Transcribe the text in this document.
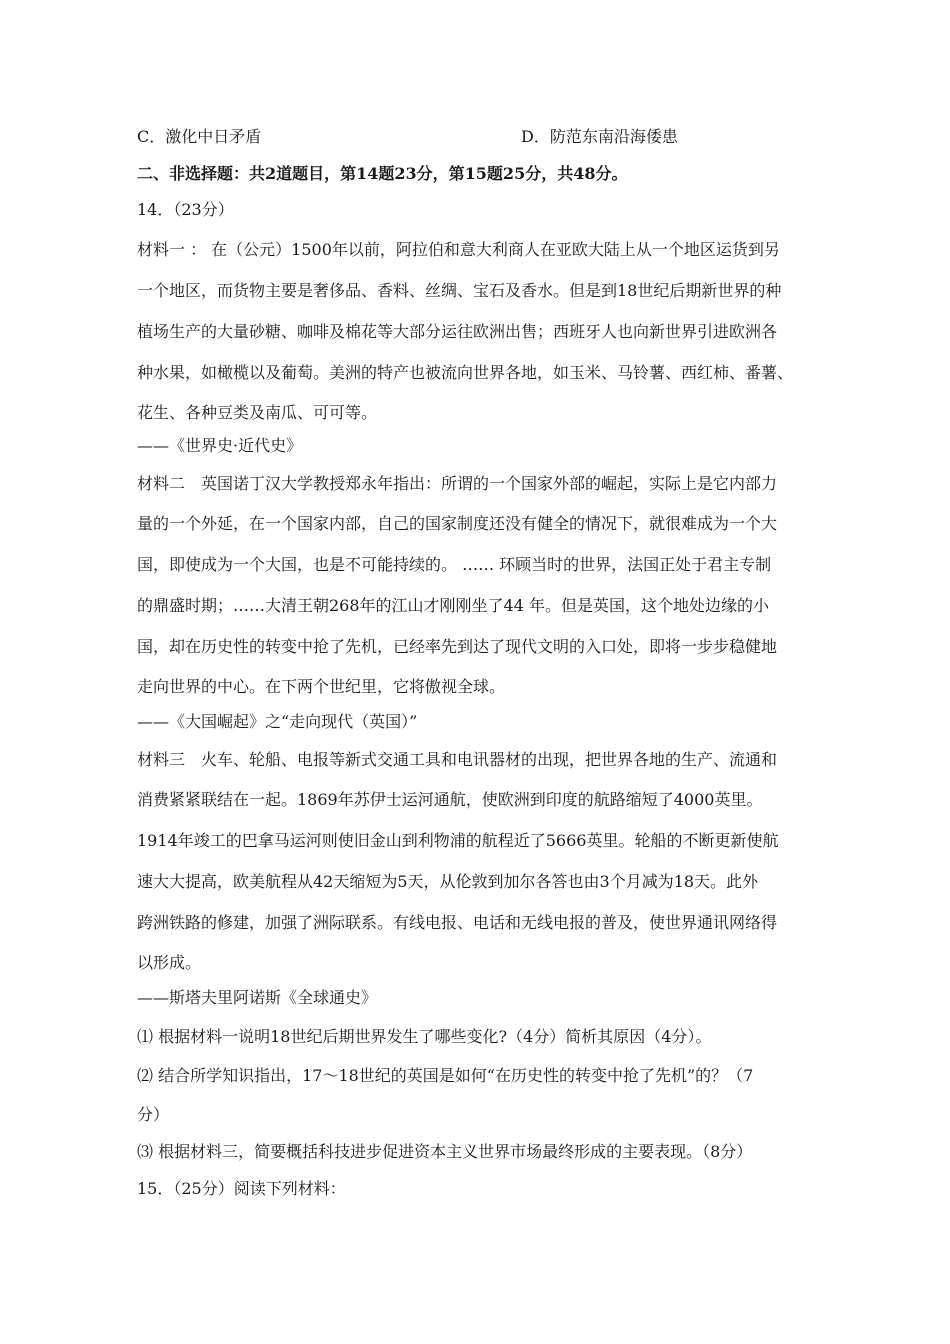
C．激化中日矛盾	D．防范东南沿海倭患
二、非选择题：共2道题目，第14题23分，第15题25分，共48分。
14．（23分）
材料一 ： 在（公元）1500年以前，阿拉伯和意大利商人在亚欧大陆上从一个地区运货到另
一个地区，而货物主要是奢侈品、香料、丝绸、宝石及香水。但是到18世纪后期新世界的种
植场生产的大量砂糖、咖啡及棉花等大部分运往欧洲出售；西班牙人也向新世界引进欧洲各
种水果，如橄榄以及葡萄。美洲的特产也被流向世界各地，如玉米、马铃薯、西红柿、番薯、
花生、各种豆类及南瓜、可可等。
——《世界史·近代史》
材料二　英国诺丁汉大学教授郑永年指出：所谓的一个国家外部的崛起，实际上是它内部力
量的一个外延，在一个国家内部，自己的国家制度还没有健全的情况下，就很难成为一个大
国，即使成为一个大国，也是不可能持续的。 …… 环顾当时的世界，法国正处于君主专制
的鼎盛时期；……大清王朝268年的江山才刚刚坐了44 年。但是英国，这个地处边缘的小
国，却在历史性的转变中抢了先机，已经率先到达了现代文明的入口处，即将一步步稳健地
走向世界的中心。在下两个世纪里，它将傲视全球。
——《大国崛起》之“走向现代（英国）”
材料三　火车、轮船、电报等新式交通工具和电讯器材的出现，把世界各地的生产、流通和
消费紧紧联结在一起。1869年苏伊士运河通航，使欧洲到印度的航路缩短了4000英里。
1914年竣工的巴拿马运河则使旧金山到利物浦的航程近了5666英里。轮船的不断更新使航
速大大提高，欧美航程从42天缩短为5天，从伦敦到加尔各答也由3个月减为18天。此外
跨洲铁路的修建，加强了洲际联系。有线电报、电话和无线电报的普及，使世界通讯网络得
以形成。
——斯塔夫里阿诺斯《全球通史》
⑴ 根据材料一说明18世纪后期世界发生了哪些变化?（4分）简析其原因（4分）。
⑵ 结合所学知识指出，17～18世纪的英国是如何“在历史性的转变中抢了先机”的？（7
分）
⑶ 根据材料三，简要概括科技进步促进资本主义世界市场最终形成的主要表现。（8分）
15．（25分）阅读下列材料：
